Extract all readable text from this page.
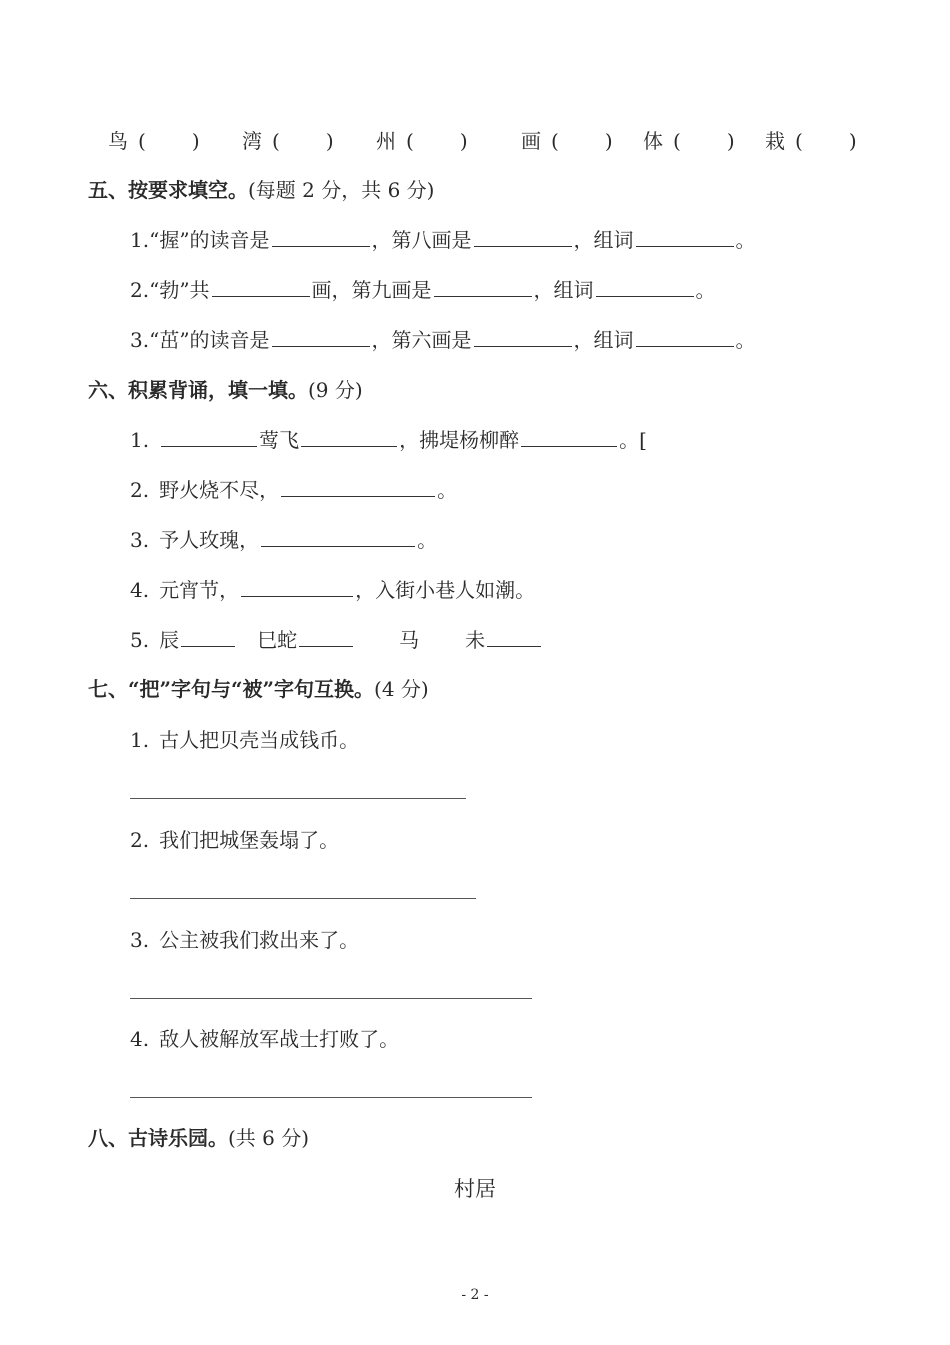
鸟 ( ) 湾 ( ) 州 ( )	画 ( ) 体 ( ) 栽 ( )
五、按要求填空。(每题 2 分，共 6 分)
1.“握”的读音是	，第八画是	，组词	。
2.“勃”共	画，第九画是	，组词	。
3.“茁”的读音是	，第六画是	，组词	。
六、积累背诵，填一填。(9 分)
1.	莺飞	，拂堤杨柳醉	。[
2. 野火烧不尽，	。
3. 予人玫瑰，	。
4. 元宵节，	，入街小巷人如潮。
5. 辰	巳蛇	马 未
七、“把”字句与“被”字句互换。(4 分)
1. 古人把贝壳当成钱币。
2. 我们把城堡轰塌了。
3. 公主被我们救出来了。
4. 敌人被解放军战士打败了。
八、古诗乐园。(共 6 分)
村居
- 2 -
